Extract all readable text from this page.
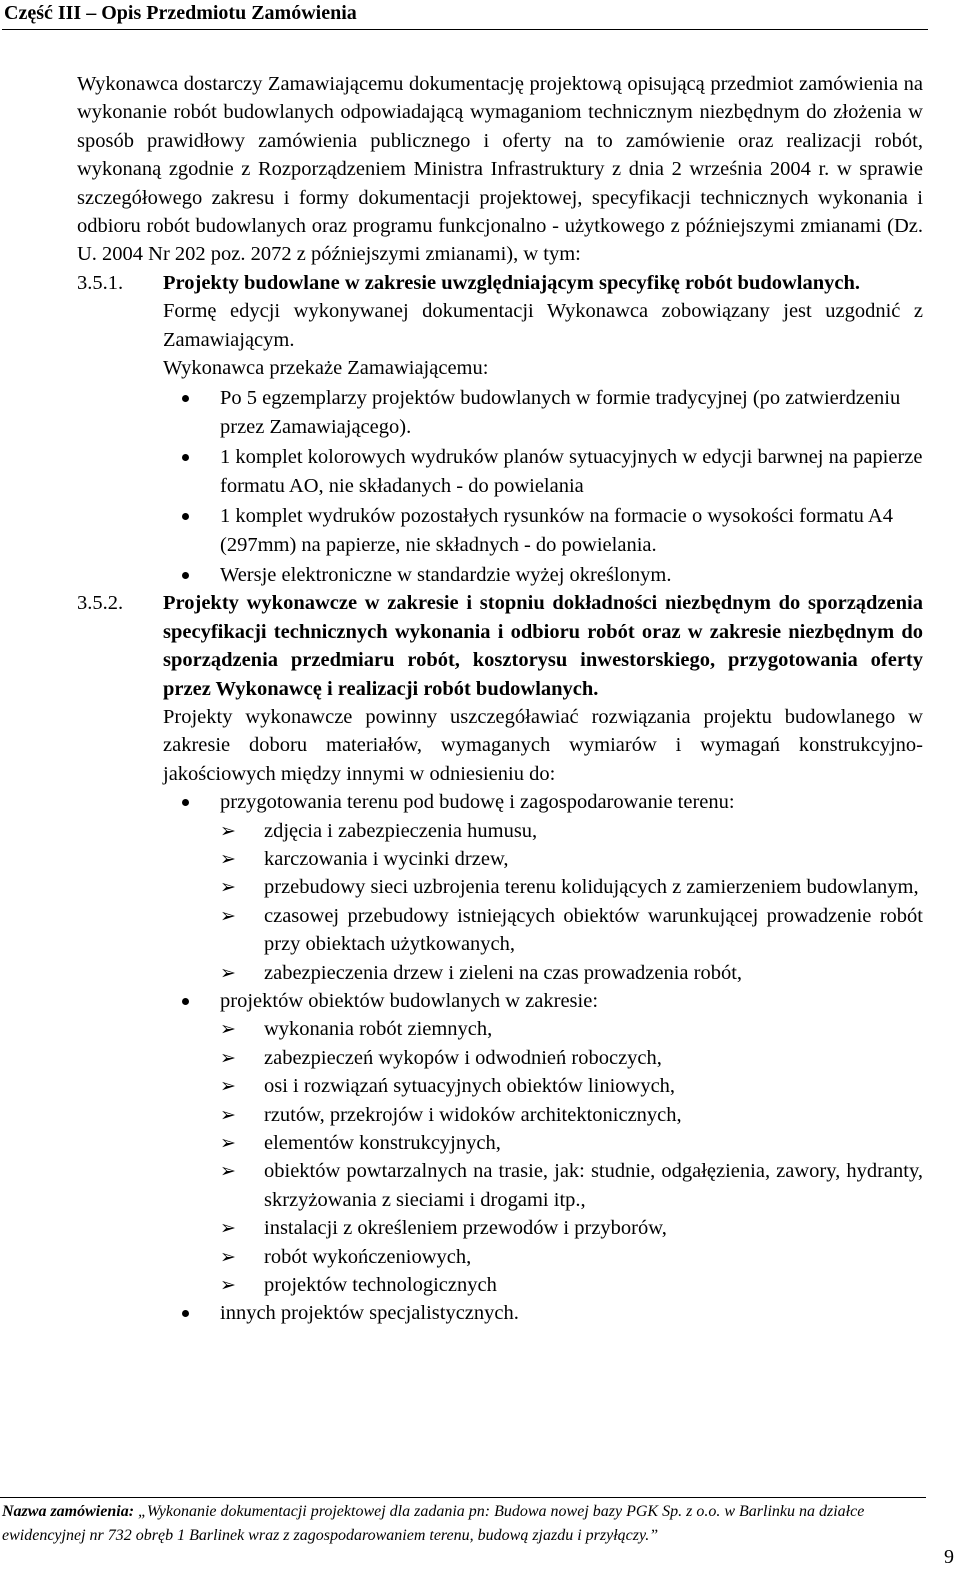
Część III – Opis Przedmiotu Zamówienia

Wykonawca dostarczy Zamawiającemu dokumentację projektową opisującą przedmiot zamówienia na wykonanie robót budowlanych odpowiadającą wymaganiom technicznym niezbędnym do złożenia w sposób prawidłowy zamówienia publicznego i oferty na to zamówienie oraz realizacji robót, wykonaną zgodnie z Rozporządzeniem Ministra Infrastruktury z dnia 2 września 2004 r. w sprawie szczegółowego zakresu i formy dokumentacji projektowej, specyfikacji technicznych wykonania i odbioru robót budowlanych oraz programu funkcjonalno - użytkowego z późniejszymi zmianami (Dz. U. 2004 Nr 202 poz. 2072 z późniejszymi zmianami), w tym:

3.5.1. Projekty budowlane w zakresie uwzględniającym specyfikę robót budowlanych.

Formę edycji wykonywanej dokumentacji Wykonawca zobowiązany jest uzgodnić z Zamawiającym.

Wykonawca przekaże Zamawiającemu:

Po 5 egzemplarzy projektów budowlanych w formie tradycyjnej (po zatwierdzeniu przez Zamawiającego).
1 komplet kolorowych wydruków planów sytuacyjnych w edycji barwnej na papierze formatu AO, nie składanych - do powielania
1 komplet wydruków pozostałych rysunków na formacie o wysokości formatu A4 (297mm) na papierze, nie składnych - do powielania.
Wersje elektroniczne w standardzie wyżej określonym.
3.5.2. Projekty wykonawcze w zakresie i stopniu dokładności niezbędnym do sporządzenia specyfikacji technicznych wykonania i odbioru robót oraz w zakresie niezbędnym do sporządzenia przedmiaru robót, kosztorysu inwestorskiego, przygotowania oferty przez Wykonawcę i realizacji robót budowlanych.

Projekty wykonawcze powinny uszczegóławiać rozwiązania projektu budowlanego w zakresie doboru materiałów, wymaganych wymiarów i wymagań konstrukcyjno-jakościowych między innymi w odniesieniu do:

przygotowania terenu pod budowę i zagospodarowanie terenu:
➢ zdjęcia i zabezpieczenia humusu,
➢ karczowania i wycinki drzew,
➢ przebudowy sieci uzbrojenia terenu kolidujących z zamierzeniem budowlanym,
➢ czasowej przebudowy istniejących obiektów warunkującej prowadzenie robót przy obiektach użytkowanych,
➢ zabezpieczenia drzew i zieleni na czas prowadzenia robót,
projektów obiektów budowlanych w zakresie:
➢ wykonania robót ziemnych,
➢ zabezpieczeń wykopów i odwodnień roboczych,
➢ osi i rozwiązań sytuacyjnych obiektów liniowych,
➢ rzutów, przekrojów i widoków architektonicznych,
➢ elementów konstrukcyjnych,
➢ obiektów powtarzalnych na trasie, jak: studnie, odgałęzienia, zawory, hydranty, skrzyżowania z sieciami i drogami itp.,
➢ instalacji z określeniem przewodów i przyborów,
➢ robót wykończeniowych,
➢ projektów technologicznych
innych projektów specjalistycznych.
Nazwa zamówienia: „Wykonanie dokumentacji projektowej dla zadania pn: Budowa nowej bazy PGK Sp. z o.o. w Barlinku na działce ewidencyjnej nr 732 obręb 1 Barlinek wraz z zagospodarowaniem terenu, budową zjazdu i przyłączy.”
9
